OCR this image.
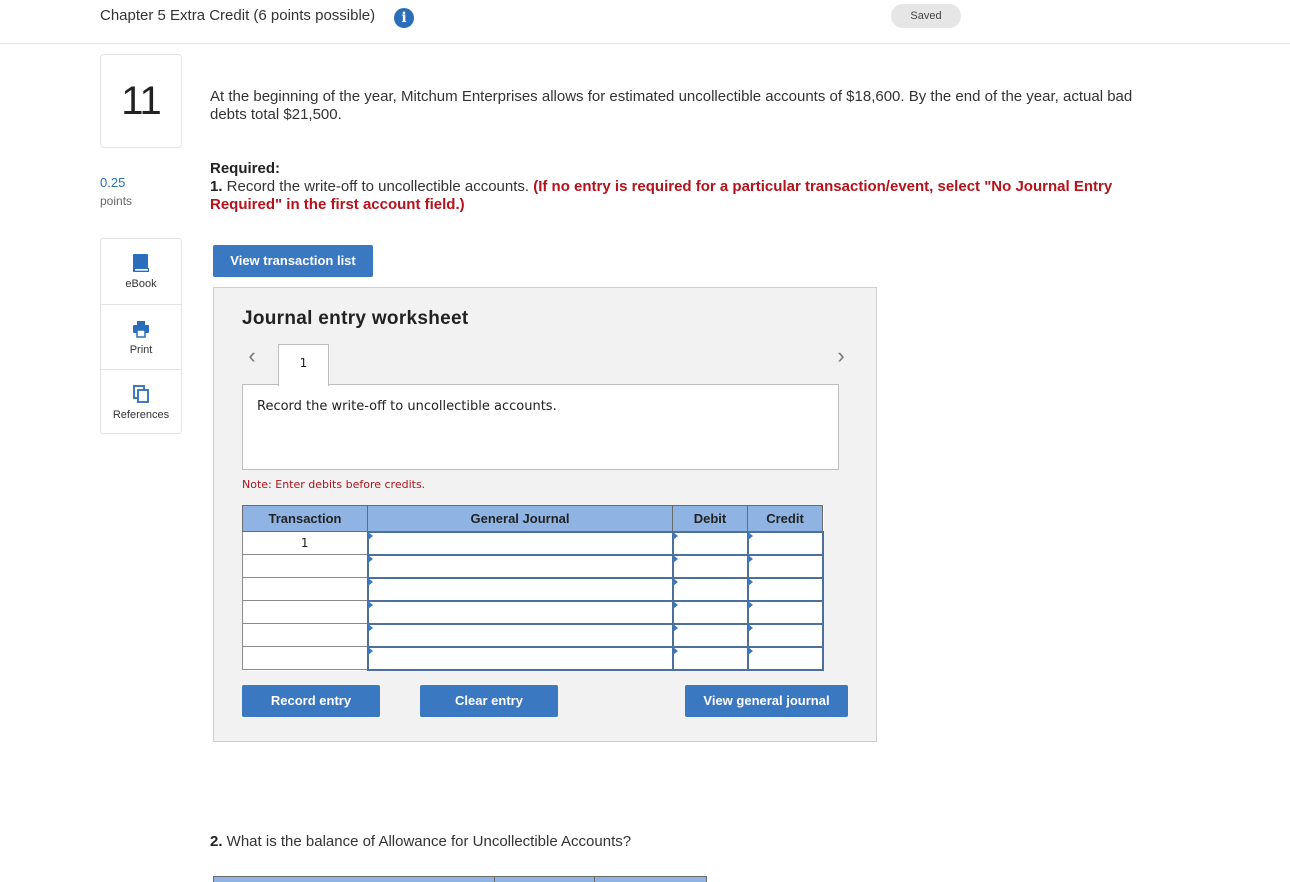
Chapter 5 Extra Credit (6 points possible)	i	Saved
11
0.25
points
eBook
Print
References
At the beginning of the year, Mitchum Enterprises allows for estimated uncollectible accounts of $18,600. By the end of the year, actual bad debts total $21,500.
Required:
1. Record the write-off to uncollectible accounts. (If no entry is required for a particular transaction/event, select "No Journal Entry Required" in the first account field.)
View transaction list
Journal entry worksheet
‹	1	›
Record the write-off to uncollectible accounts.
Note: Enter debits before credits.
Transaction	General Journal	Debit	Credit
1			

Record entry	Clear entry	View general journal
2. What is the balance of Allowance for Uncollectible Accounts?
